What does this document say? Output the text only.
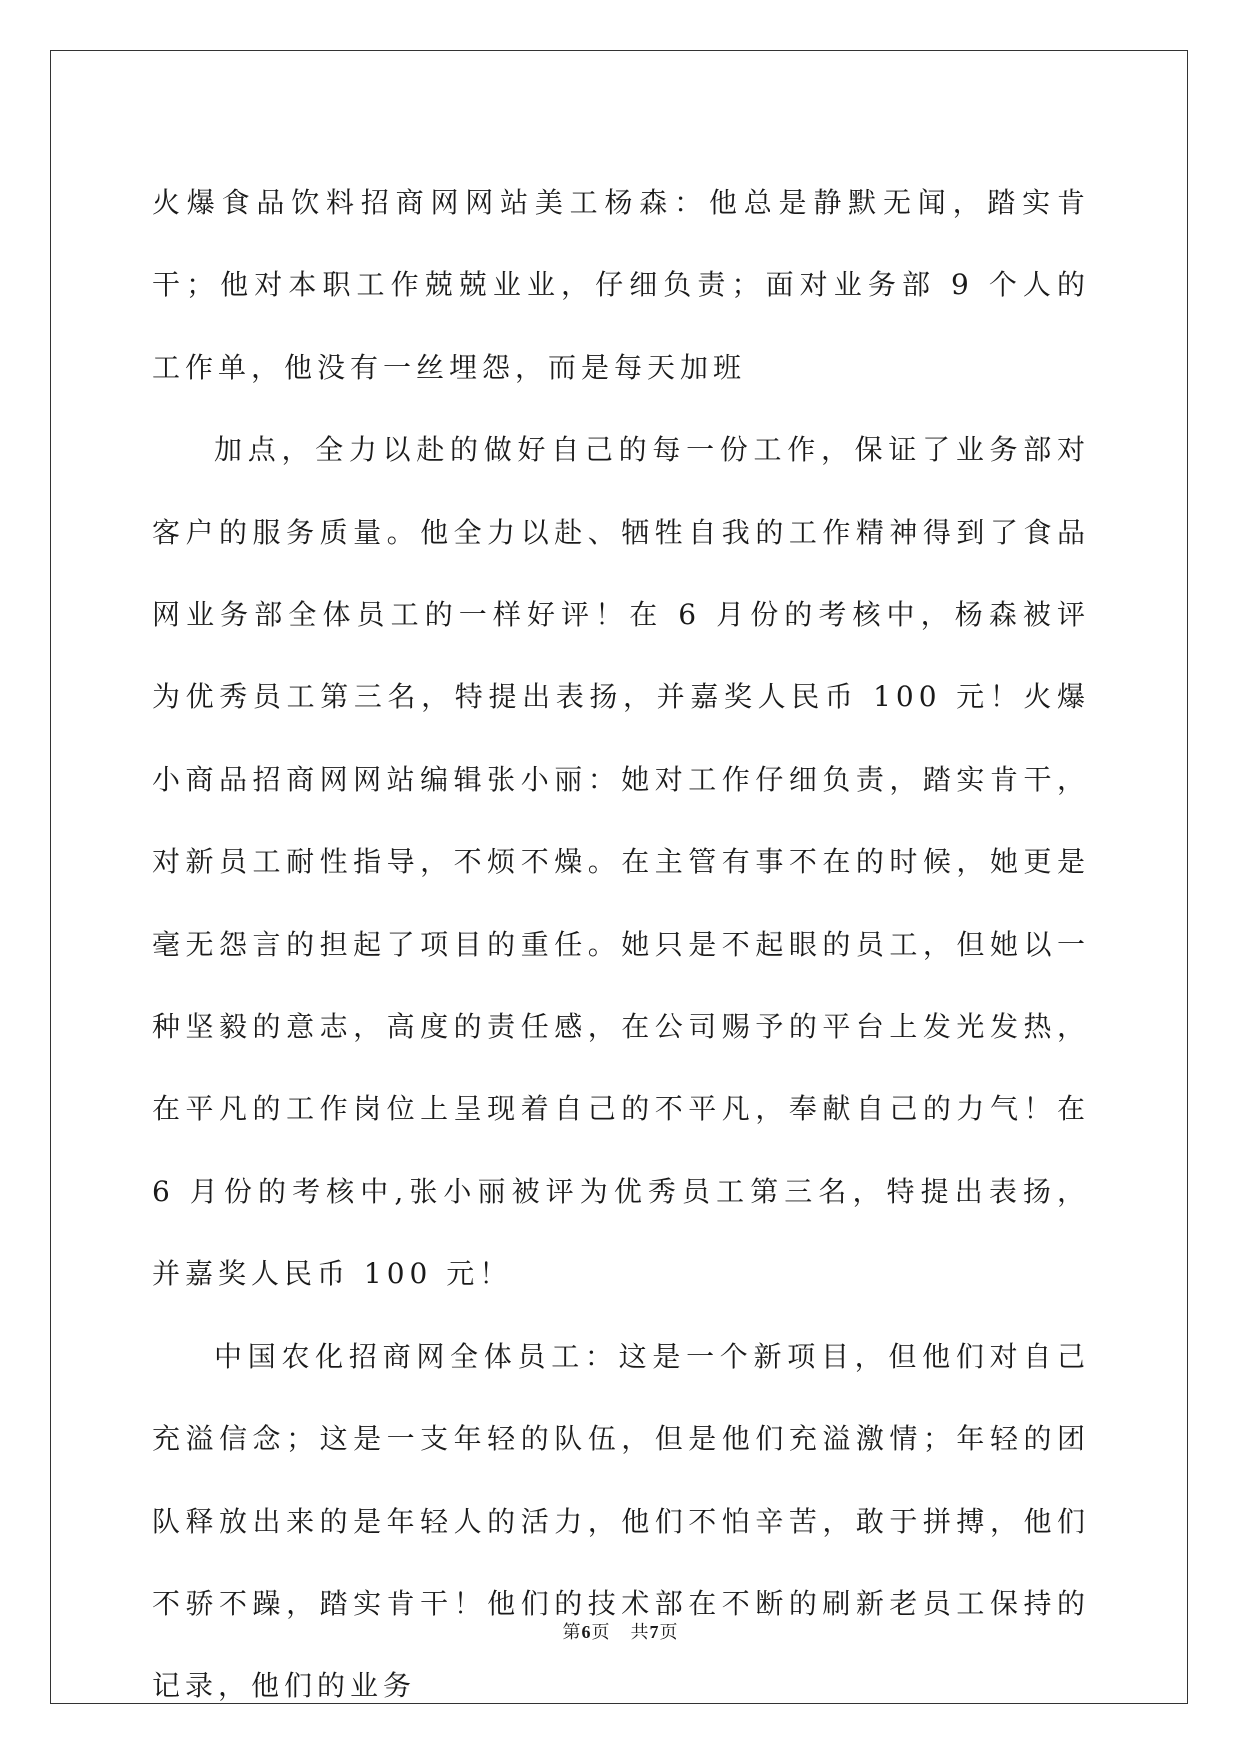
火爆食品饮料招商网网站美工杨森：他总是静默无闻，踏实肯干；他对本职工作兢兢业业，仔细负责；面对业务部 9 个人的工作单，他没有一丝埋怨，而是每天加班

加点，全力以赴的做好自己的每一份工作，保证了业务部对客户的服务质量。他全力以赴、牺牲自我的工作精神得到了食品网业务部全体员工的一样好评！在 6 月份的考核中，杨森被评为优秀员工第三名，特提出表扬，并嘉奖人民币 100 元！火爆小商品招商网网站编辑张小丽：她对工作仔细负责，踏实肯干，对新员工耐性指导，不烦不燥。在主管有事不在的时候，她更是毫无怨言的担起了项目的重任。她只是不起眼的员工，但她以一种坚毅的意志，高度的责任感，在公司赐予的平台上发光发热，在平凡的工作岗位上呈现着自己的不平凡，奉献自己的力气！在 6 月份的考核中,张小丽被评为优秀员工第三名，特提出表扬，并嘉奖人民币 100 元！

中国农化招商网全体员工：这是一个新项目，但他们对自己充溢信念；这是一支年轻的队伍，但是他们充溢激情；年轻的团队释放出来的是年轻人的活力，他们不怕辛苦，敢于拼搏，他们不骄不躁，踏实肯干！他们的技术部在不断的刷新老员工保持的记录，他们的业务

第6页 共7页
